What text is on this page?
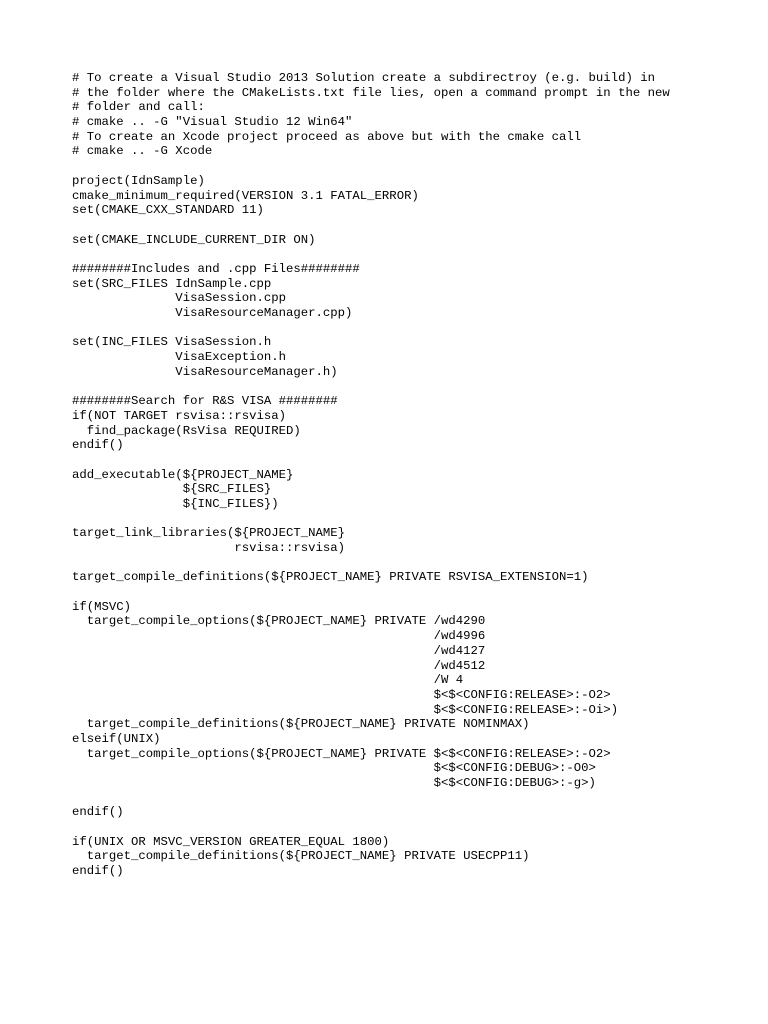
# To create a Visual Studio 2013 Solution create a subdirectroy (e.g. build) in
# the folder where the CMakeLists.txt file lies, open a command prompt in the new
# folder and call:
# cmake .. -G "Visual Studio 12 Win64"
# To create an Xcode project proceed as above but with the cmake call
# cmake .. -G Xcode
project(IdnSample)
cmake_minimum_required(VERSION 3.1 FATAL_ERROR)
set(CMAKE_CXX_STANDARD 11)
set(CMAKE_INCLUDE_CURRENT_DIR ON)
########Includes and .cpp Files########
set(SRC_FILES IdnSample.cpp
VisaSession.cpp
VisaResourceManager.cpp)
set(INC_FILES VisaSession.h
VisaException.h
VisaResourceManager.h)
########Search for R&S VISA ########
if(NOT TARGET rsvisa::rsvisa)
find_package(RsVisa REQUIRED)
endif()
add_executable(${PROJECT_NAME}
${SRC_FILES}
${INC_FILES})
target_link_libraries(${PROJECT_NAME}
rsvisa::rsvisa)
target_compile_definitions(${PROJECT_NAME} PRIVATE RSVISA_EXTENSION=1)
if(MSVC)
target_compile_options(${PROJECT_NAME} PRIVATE /wd4290
/wd4996
/wd4127
/wd4512
/W 4
$<$<CONFIG:RELEASE>:-O2>
$<$<CONFIG:RELEASE>:-Oi>)
target_compile_definitions(${PROJECT_NAME} PRIVATE NOMINMAX)
elseif(UNIX)
target_compile_options(${PROJECT_NAME} PRIVATE $<$<CONFIG:RELEASE>:-O2>
$<$<CONFIG:DEBUG>:-O0>
$<$<CONFIG:DEBUG>:-g>)
endif()
if(UNIX OR MSVC_VERSION GREATER_EQUAL 1800)
target_compile_definitions(${PROJECT_NAME} PRIVATE USECPP11)
endif()
